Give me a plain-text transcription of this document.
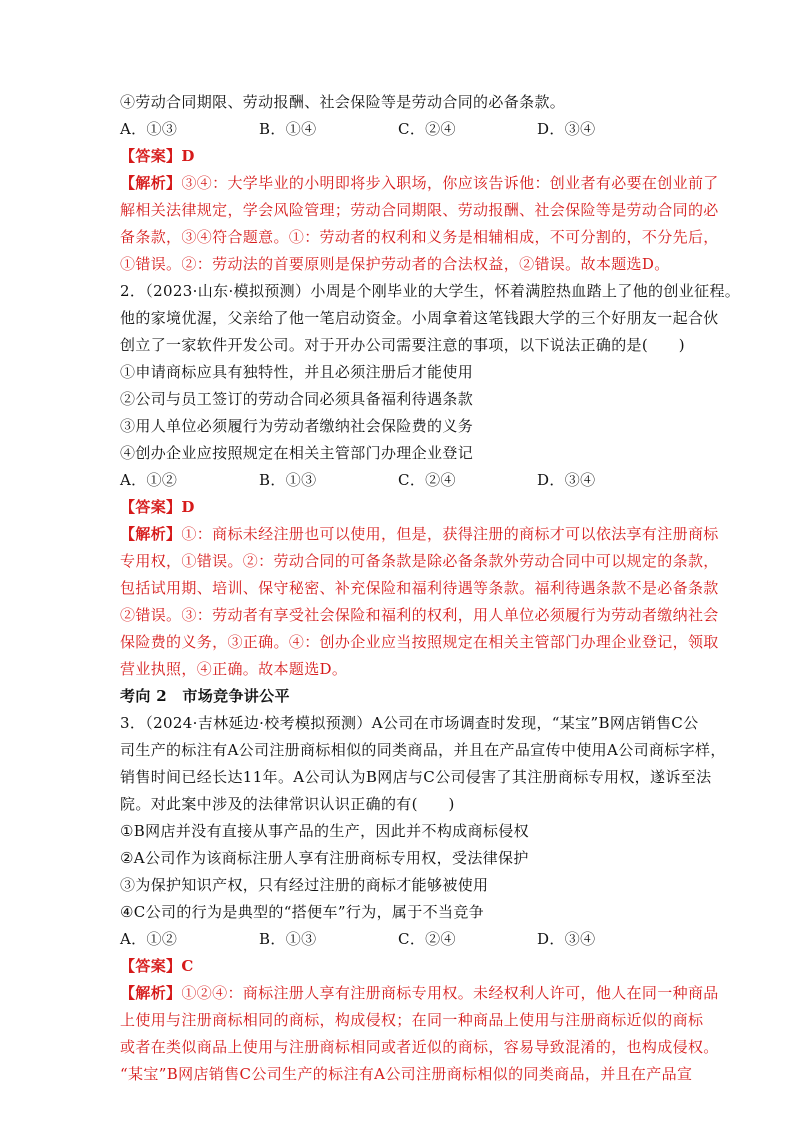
④劳动合同期限、劳动报酬、社会保险等是劳动合同的必备条款。
A．①③	B．①④	C．②④	D．③④
【答案】D
【解析】③④：大学毕业的小明即将步入职场，你应该告诉他：创业者有必要在创业前了
解相关法律规定，学会风险管理；劳动合同期限、劳动报酬、社会保险等是劳动合同的必
备条款，③④符合题意。①：劳动者的权利和义务是相辅相成，不可分割的，不分先后，
①错误。②：劳动法的首要原则是保护劳动者的合法权益，②错误。故本题选D。
2．（2023·山东·模拟预测）小周是个刚毕业的大学生，怀着满腔热血踏上了他的创业征程。
他的家境优渥，父亲给了他一笔启动资金。小周拿着这笔钱跟大学的三个好朋友一起合伙
创立了一家软件开发公司。对于开办公司需要注意的事项，以下说法正确的是(　　)
①申请商标应具有独特性，并且必须注册后才能使用
②公司与员工签订的劳动合同必须具备福利待遇条款
③用人单位必须履行为劳动者缴纳社会保险费的义务
④创办企业应按照规定在相关主管部门办理企业登记
A．①②	B．①③	C．②④	D．③④
【答案】D
【解析】①：商标未经注册也可以使用，但是，获得注册的商标才可以依法享有注册商标
专用权，①错误。②：劳动合同的可备条款是除必备条款外劳动合同中可以规定的条款，
包括试用期、培训、保守秘密、补充保险和福利待遇等条款。福利待遇条款不是必备条款
②错误。③：劳动者有享受社会保险和福利的权利，用人单位必须履行为劳动者缴纳社会
保险费的义务，③正确。④：创办企业应当按照规定在相关主管部门办理企业登记，领取
营业执照，④正确。故本题选D。
考向 2　市场竞争讲公平
3．（2024·吉林延边·校考模拟预测）A公司在市场调查时发现，“某宝”B网店销售C公
司生产的标注有A公司注册商标相似的同类商品，并且在产品宣传中使用A公司商标字样，
销售时间已经长达11年。A公司认为B网店与C公司侵害了其注册商标专用权，遂诉至法
院。对此案中涉及的法律常识认识正确的有(　　)
①B网店并没有直接从事产品的生产，因此并不构成商标侵权
②A公司作为该商标注册人享有注册商标专用权，受法律保护
③为保护知识产权，只有经过注册的商标才能够被使用
④C公司的行为是典型的“搭便车”行为，属于不当竞争
A．①②	B．①③	C．②④	D．③④
【答案】C
【解析】①②④：商标注册人享有注册商标专用权。未经权利人许可，他人在同一种商品
上使用与注册商标相同的商标，构成侵权；在同一种商品上使用与注册商标近似的商标
或者在类似商品上使用与注册商标相同或者近似的商标，容易导致混淆的，也构成侵权。
“某宝”B网店销售C公司生产的标注有A公司注册商标相似的同类商品，并且在产品宣
